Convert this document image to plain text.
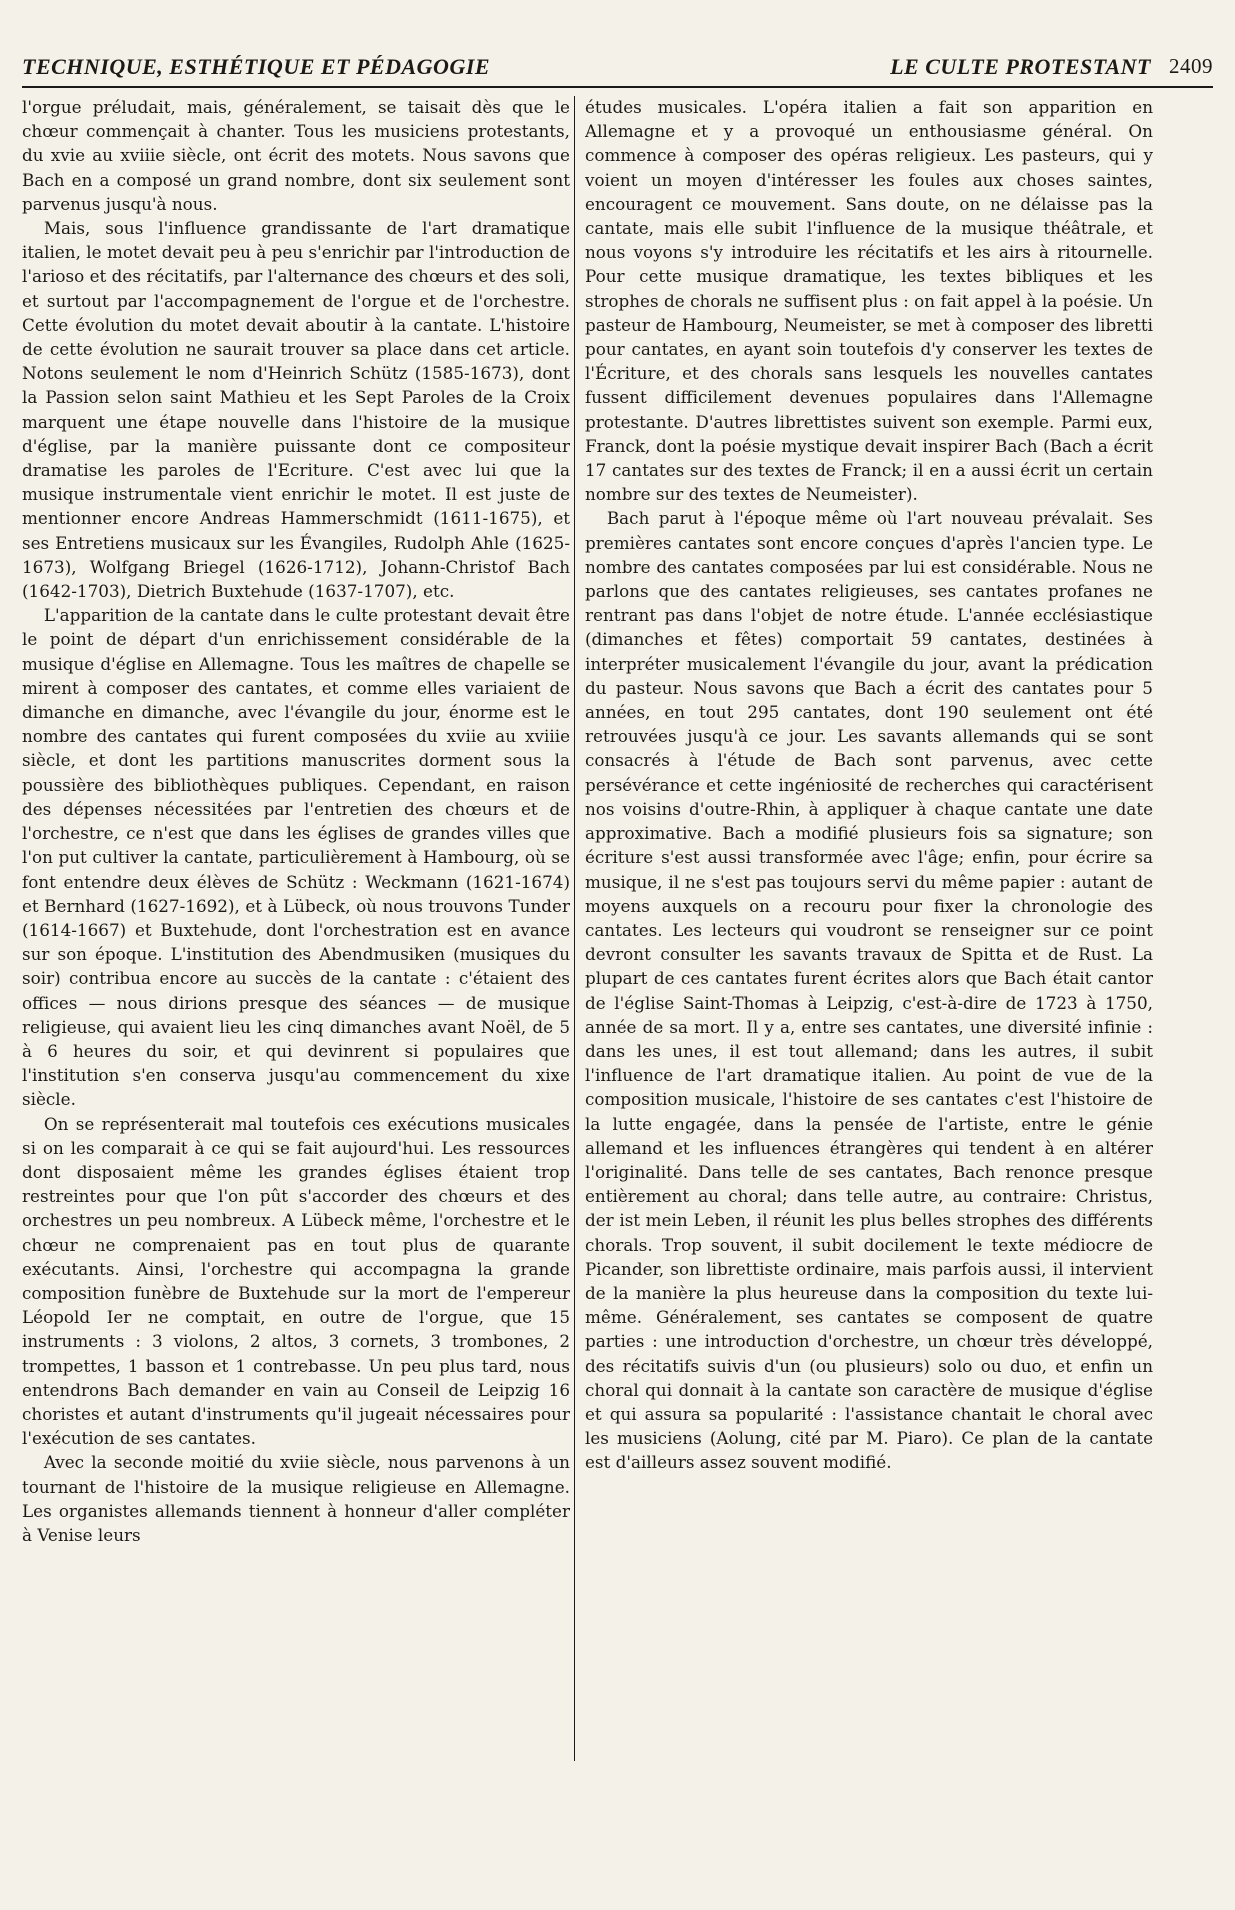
TECHNIQUE, ESTHÉTIQUE ET PÉDAGOGIE	LE CULTE PROTESTANT 2409

l'orgue préludait, mais, généralement, se taisait dès que le chœur commençait à chanter. Tous les musiciens protestants, du xvie au xviiie siècle, ont écrit des motets. Nous savons que Bach en a composé un grand nombre, dont six seulement sont parvenus jusqu'à nous.

Mais, sous l'influence grandissante de l'art dramatique italien, le motet devait peu à peu s'enrichir par l'introduction de l'arioso et des récitatifs, par l'alternance des chœurs et des soli, et surtout par l'accompagnement de l'orgue et de l'orchestre. Cette évolution du motet devait aboutir à la cantate. L'histoire de cette évolution ne saurait trouver sa place dans cet article. Notons seulement le nom d'Heinrich Schütz (1585-1673), dont la Passion selon saint Mathieu et les Sept Paroles de la Croix marquent une étape nouvelle dans l'histoire de la musique d'église, par la manière puissante dont ce compositeur dramatise les paroles de l'Ecriture. C'est avec lui que la musique instrumentale vient enrichir le motet. Il est juste de mentionner encore Andreas Hammerschmidt (1611-1675), et ses Entretiens musicaux sur les Évangiles, Rudolph Ahle (1625-1673), Wolfgang Briegel (1626-1712), Johann-Christof Bach (1642-1703), Dietrich Buxtehude (1637-1707), etc.

L'apparition de la cantate dans le culte protestant devait être le point de départ d'un enrichissement considérable de la musique d'église en Allemagne. Tous les maîtres de chapelle se mirent à composer des cantates, et comme elles variaient de dimanche en dimanche, avec l'évangile du jour, énorme est le nombre des cantates qui furent composées du xviie au xviiie siècle, et dont les partitions manuscrites dorment sous la poussière des bibliothèques publiques. Cependant, en raison des dépenses nécessitées par l'entretien des chœurs et de l'orchestre, ce n'est que dans les églises de grandes villes que l'on put cultiver la cantate, particulièrement à Hambourg, où se font entendre deux élèves de Schütz : Weckmann (1621-1674) et Bernhard (1627-1692), et à Lübeck, où nous trouvons Tunder (1614-1667) et Buxtehude, dont l'orchestration est en avance sur son époque. L'institution des Abendmusiken (musiques du soir) contribua encore au succès de la cantate : c'étaient des offices — nous dirions presque des séances — de musique religieuse, qui avaient lieu les cinq dimanches avant Noël, de 5 à 6 heures du soir, et qui devinrent si populaires que l'institution s'en conserva jusqu'au commencement du xixe siècle.

On se représenterait mal toutefois ces exécutions musicales si on les comparait à ce qui se fait aujourd'hui. Les ressources dont disposaient même les grandes églises étaient trop restreintes pour que l'on pût s'accorder des chœurs et des orchestres un peu nombreux. A Lübeck même, l'orchestre et le chœur ne comprenaient pas en tout plus de quarante exécutants. Ainsi, l'orchestre qui accompagna la grande composition funèbre de Buxtehude sur la mort de l'empereur Léopold Ier ne comptait, en outre de l'orgue, que 15 instruments : 3 violons, 2 altos, 3 cornets, 3 trombones, 2 trompettes, 1 basson et 1 contrebasse. Un peu plus tard, nous entendrons Bach demander en vain au Conseil de Leipzig 16 choristes et autant d'instruments qu'il jugeait nécessaires pour l'exécution de ses cantates.

Avec la seconde moitié du xviie siècle, nous parvenons à un tournant de l'histoire de la musique religieuse en Allemagne. Les organistes allemands tiennent à honneur d'aller compléter à Venise leurs

études musicales. L'opéra italien a fait son apparition en Allemagne et y a provoqué un enthousiasme général. On commence à composer des opéras religieux. Les pasteurs, qui y voient un moyen d'intéresser les foules aux choses saintes, encouragent ce mouvement. Sans doute, on ne délaisse pas la cantate, mais elle subit l'influence de la musique théâtrale, et nous voyons s'y introduire les récitatifs et les airs à ritournelle. Pour cette musique dramatique, les textes bibliques et les strophes de chorals ne suffisent plus : on fait appel à la poésie. Un pasteur de Hambourg, Neumeister, se met à composer des libretti pour cantates, en ayant soin toutefois d'y conserver les textes de l'Écriture, et des chorals sans lesquels les nouvelles cantates fussent difficilement devenues populaires dans l'Allemagne protestante. D'autres librettistes suivent son exemple. Parmi eux, Franck, dont la poésie mystique devait inspirer Bach (Bach a écrit 17 cantates sur des textes de Franck; il en a aussi écrit un certain nombre sur des textes de Neumeister).

Bach parut à l'époque même où l'art nouveau prévalait. Ses premières cantates sont encore conçues d'après l'ancien type. Le nombre des cantates composées par lui est considérable. Nous ne parlons que des cantates religieuses, ses cantates profanes ne rentrant pas dans l'objet de notre étude. L'année ecclésiastique (dimanches et fêtes) comportait 59 cantates, destinées à interpréter musicalement l'évangile du jour, avant la prédication du pasteur. Nous savons que Bach a écrit des cantates pour 5 années, en tout 295 cantates, dont 190 seulement ont été retrouvées jusqu'à ce jour. Les savants allemands qui se sont consacrés à l'étude de Bach sont parvenus, avec cette persévérance et cette ingéniosité de recherches qui caractérisent nos voisins d'outre-Rhin, à appliquer à chaque cantate une date approximative. Bach a modifié plusieurs fois sa signature; son écriture s'est aussi transformée avec l'âge; enfin, pour écrire sa musique, il ne s'est pas toujours servi du même papier : autant de moyens auxquels on a recouru pour fixer la chronologie des cantates. Les lecteurs qui voudront se renseigner sur ce point devront consulter les savants travaux de Spitta et de Rust. La plupart de ces cantates furent écrites alors que Bach était cantor de l'église Saint-Thomas à Leipzig, c'est-à-dire de 1723 à 1750, année de sa mort. Il y a, entre ses cantates, une diversité infinie : dans les unes, il est tout allemand; dans les autres, il subit l'influence de l'art dramatique italien. Au point de vue de la composition musicale, l'histoire de ses cantates c'est l'histoire de la lutte engagée, dans la pensée de l'artiste, entre le génie allemand et les influences étrangères qui tendent à en altérer l'originalité. Dans telle de ses cantates, Bach renonce presque entièrement au choral; dans telle autre, au contraire: Christus, der ist mein Leben, il réunit les plus belles strophes des différents chorals. Trop souvent, il subit docilement le texte médiocre de Picander, son librettiste ordinaire, mais parfois aussi, il intervient de la manière la plus heureuse dans la composition du texte lui-même. Généralement, ses cantates se composent de quatre parties : une introduction d'orchestre, un chœur très développé, des récitatifs suivis d'un (ou plusieurs) solo ou duo, et enfin un choral qui donnait à la cantate son caractère de musique d'église et qui assura sa popularité : l'assistance chantait le choral avec les musiciens (Aolung, cité par M. Piaro). Ce plan de la cantate est d'ailleurs assez souvent modifié.
